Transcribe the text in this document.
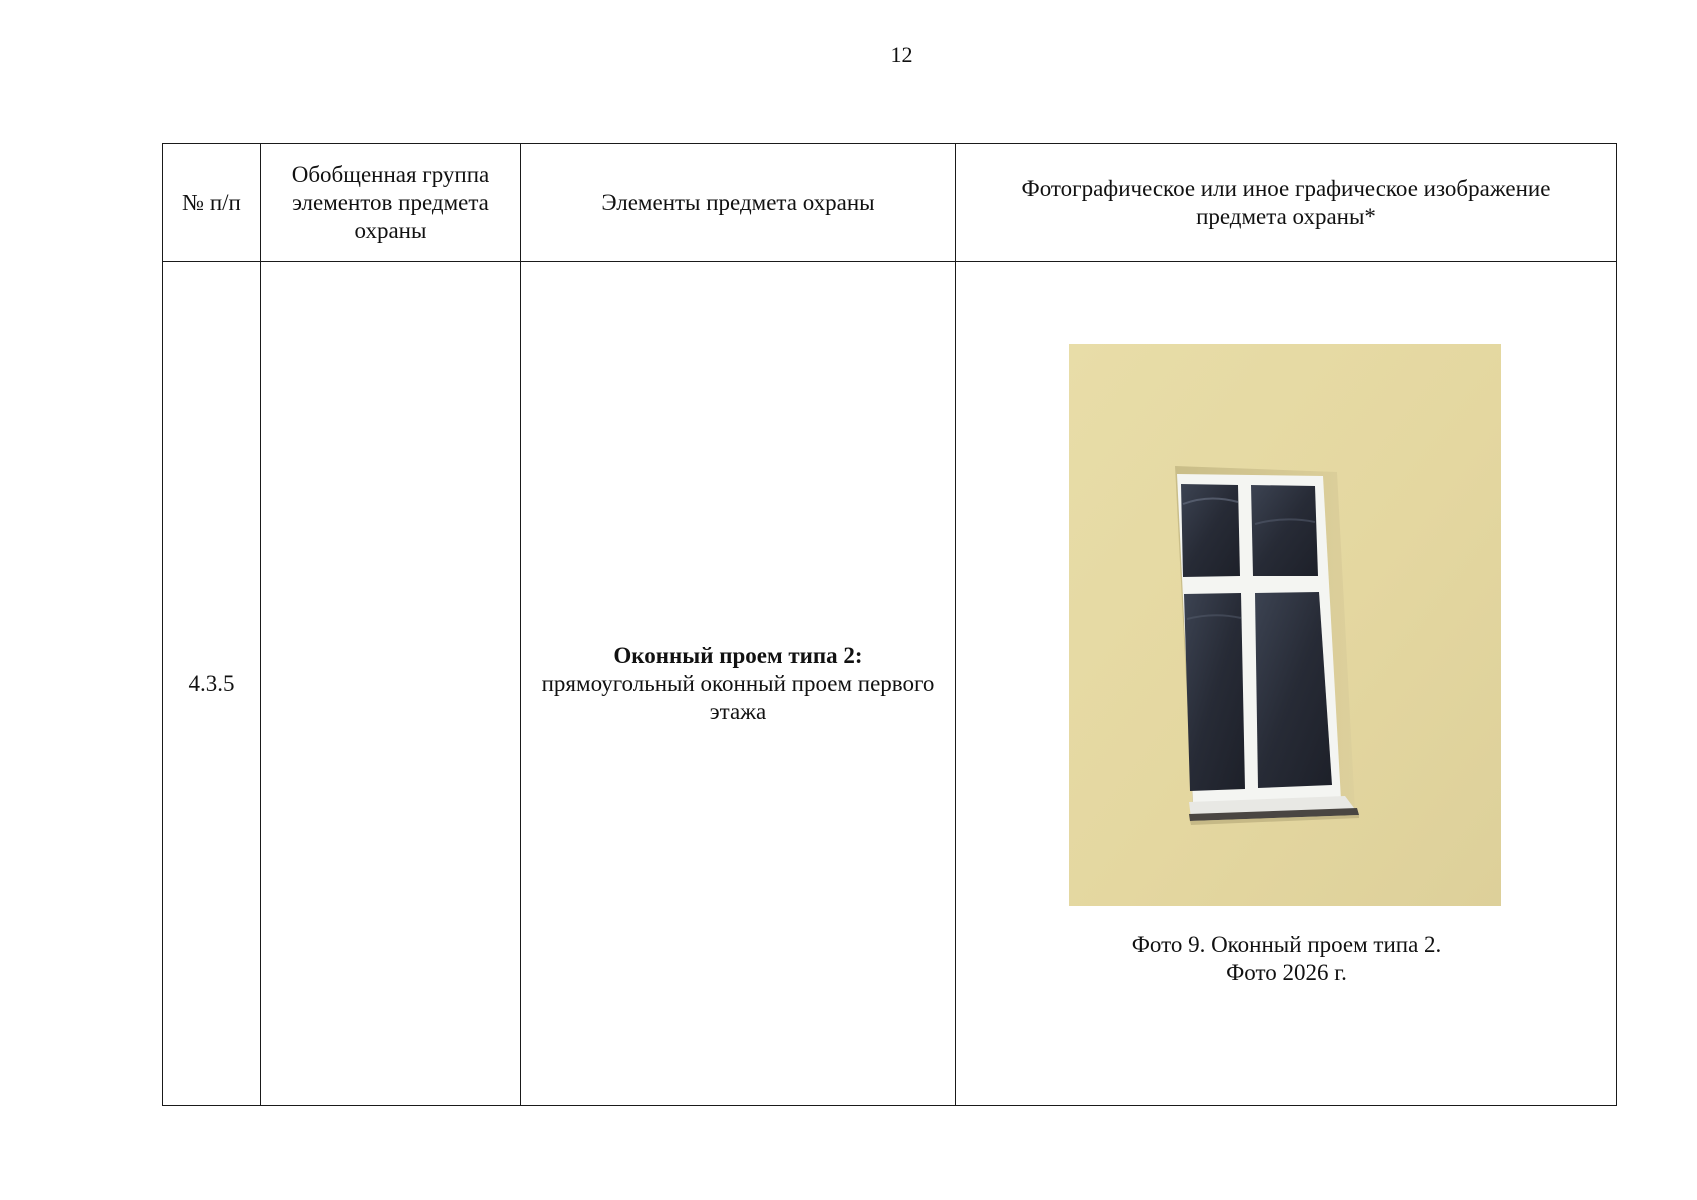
12
№ п/п	Обобщенная группа элементов предмета охраны	Элементы предмета охраны	Фотографическое или иное графическое изображение предмета охраны*
4.3.5		Оконный проем типа 2:
прямоугольный оконный проем первого этажа	Фото 9. Оконный проем типа 2.
Фото 2026 г.
